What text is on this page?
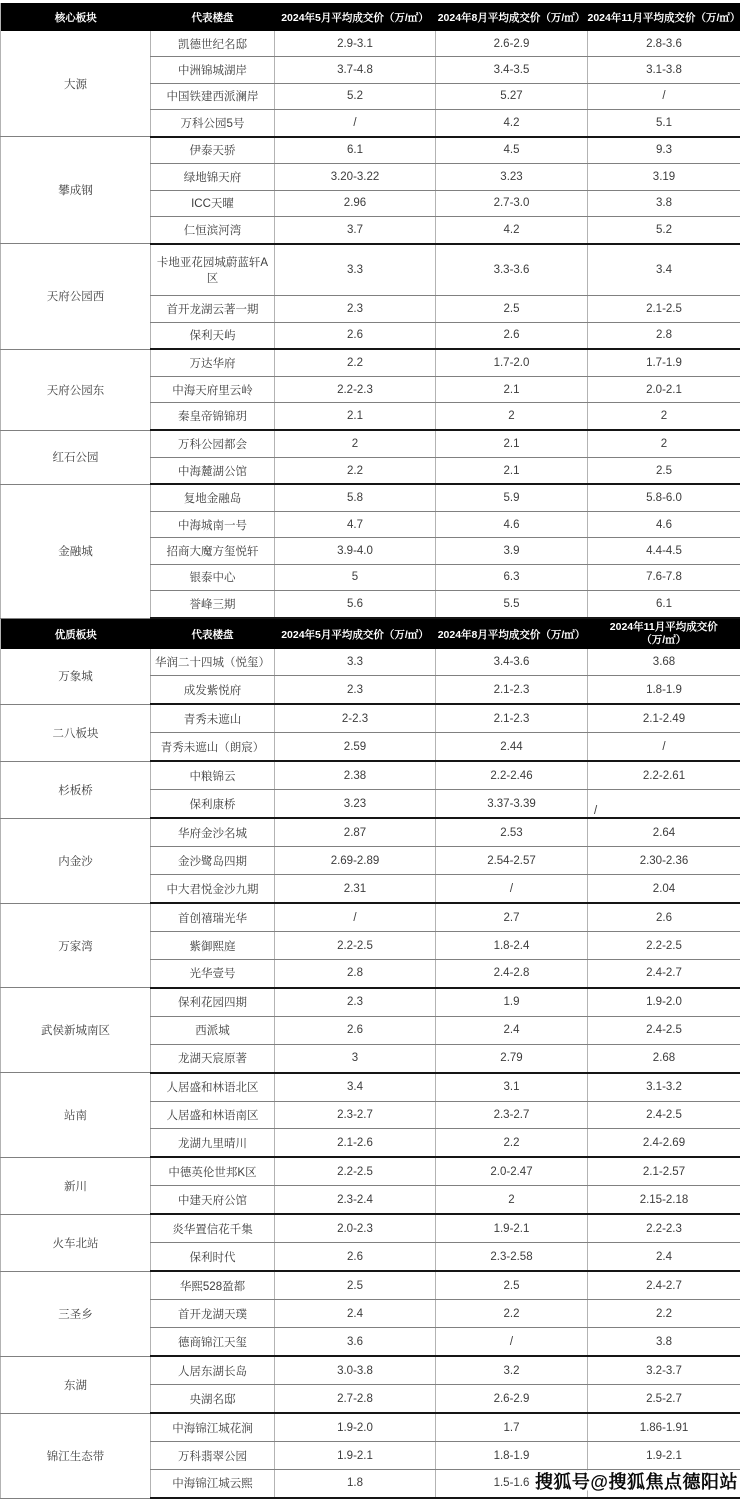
核心板块	代表楼盘	2024年5月平均成交价（万/㎡）	2024年8月平均成交价（万/㎡）	2024年11月平均成交价（万/㎡）
大源	凯德世纪名邸	2.9-3.1	2.6-2.9	2.8-3.6
	中洲锦城湖岸	3.7-4.8	3.4-3.5	3.1-3.8
	中国铁建西派澜岸	5.2	5.27	/
	万科公园5号	/	4.2	5.1
攀成钢	伊泰天骄	6.1	4.5	9.3
	绿地锦天府	3.20-3.22	3.23	3.19
	ICC天曜	2.96	2.7-3.0	3.8
	仁恒滨河湾	3.7	4.2	5.2
天府公园西	卡地亚花园城蔚蓝轩A区	3.3	3.3-3.6	3.4
	首开龙湖云著一期	2.3	2.5	2.1-2.5
	保利天屿	2.6	2.6	2.8
天府公园东	万达华府	2.2	1.7-2.0	1.7-1.9
	中海天府里云岭	2.2-2.3	2.1	2.0-2.1
	秦皇帝锦锦玥	2.1	2	2
红石公园	万科公园都会	2	2.1	2
	中海麓湖公馆	2.2	2.1	2.5
金融城	复地金融岛	5.8	5.9	5.8-6.0
	中海城南一号	4.7	4.6	4.6
	招商大魔方玺悦轩	3.9-4.0	3.9	4.4-4.5
	银泰中心	5	6.3	7.6-7.8
	誉峰三期	5.6	5.5	6.1
优质板块	代表楼盘	2024年5月平均成交价（万/㎡）	2024年8月平均成交价（万/㎡）	2024年11月平均成交价（万/㎡）
万象城	华润二十四城（悦玺）	3.3	3.4-3.6	3.68
	成发紫悦府	2.3	2.1-2.3	1.8-1.9
二八板块	青秀未遮山	2-2.3	2.1-2.3	2.1-2.49
	青秀未遮山（朗宸）	2.59	2.44	/
杉板桥	中粮锦云	2.38	2.2-2.46	2.2-2.61
	保利康桥	3.23	3.37-3.39	/
内金沙	华府金沙名城	2.87	2.53	2.64
	金沙鹭岛四期	2.69-2.89	2.54-2.57	2.30-2.36
	中大君悦金沙九期	2.31	/	2.04
万家湾	首创禧瑞光华	/	2.7	2.6
	紫御熙庭	2.2-2.5	1.8-2.4	2.2-2.5
	光华壹号	2.8	2.4-2.8	2.4-2.7
武侯新城南区	保利花园四期	2.3	1.9	1.9-2.0
	西派城	2.6	2.4	2.4-2.5
	龙湖天宸原著	3	2.79	2.68
站南	人居盛和林语北区	3.4	3.1	3.1-3.2
	人居盛和林语南区	2.3-2.7	2.3-2.7	2.4-2.5
	龙湖九里晴川	2.1-2.6	2.2	2.4-2.69
新川	中德英伦世邦K区	2.2-2.5	2.0-2.47	2.1-2.57
	中建天府公馆	2.3-2.4	2	2.15-2.18
火车北站	炎华置信花千集	2.0-2.3	1.9-2.1	2.2-2.3
	保利时代	2.6	2.3-2.58	2.4
三圣乡	华熙528盈都	2.5	2.5	2.4-2.7
	首开龙湖天璞	2.4	2.2	2.2
	德商锦江天玺	3.6	/	3.8
东湖	人居东湖长岛	3.0-3.8	3.2	3.2-3.7
	央湖名邸	2.7-2.8	2.6-2.9	2.5-2.7
锦江生态带	中海锦江城花涧	1.9-2.0	1.7	1.86-1.91
	万科翡翠公园	1.9-2.1	1.8-1.9	1.9-2.1
	中海锦江城云熙	1.8	1.5-1.6	搜狐号@搜狐焦点德阳站
